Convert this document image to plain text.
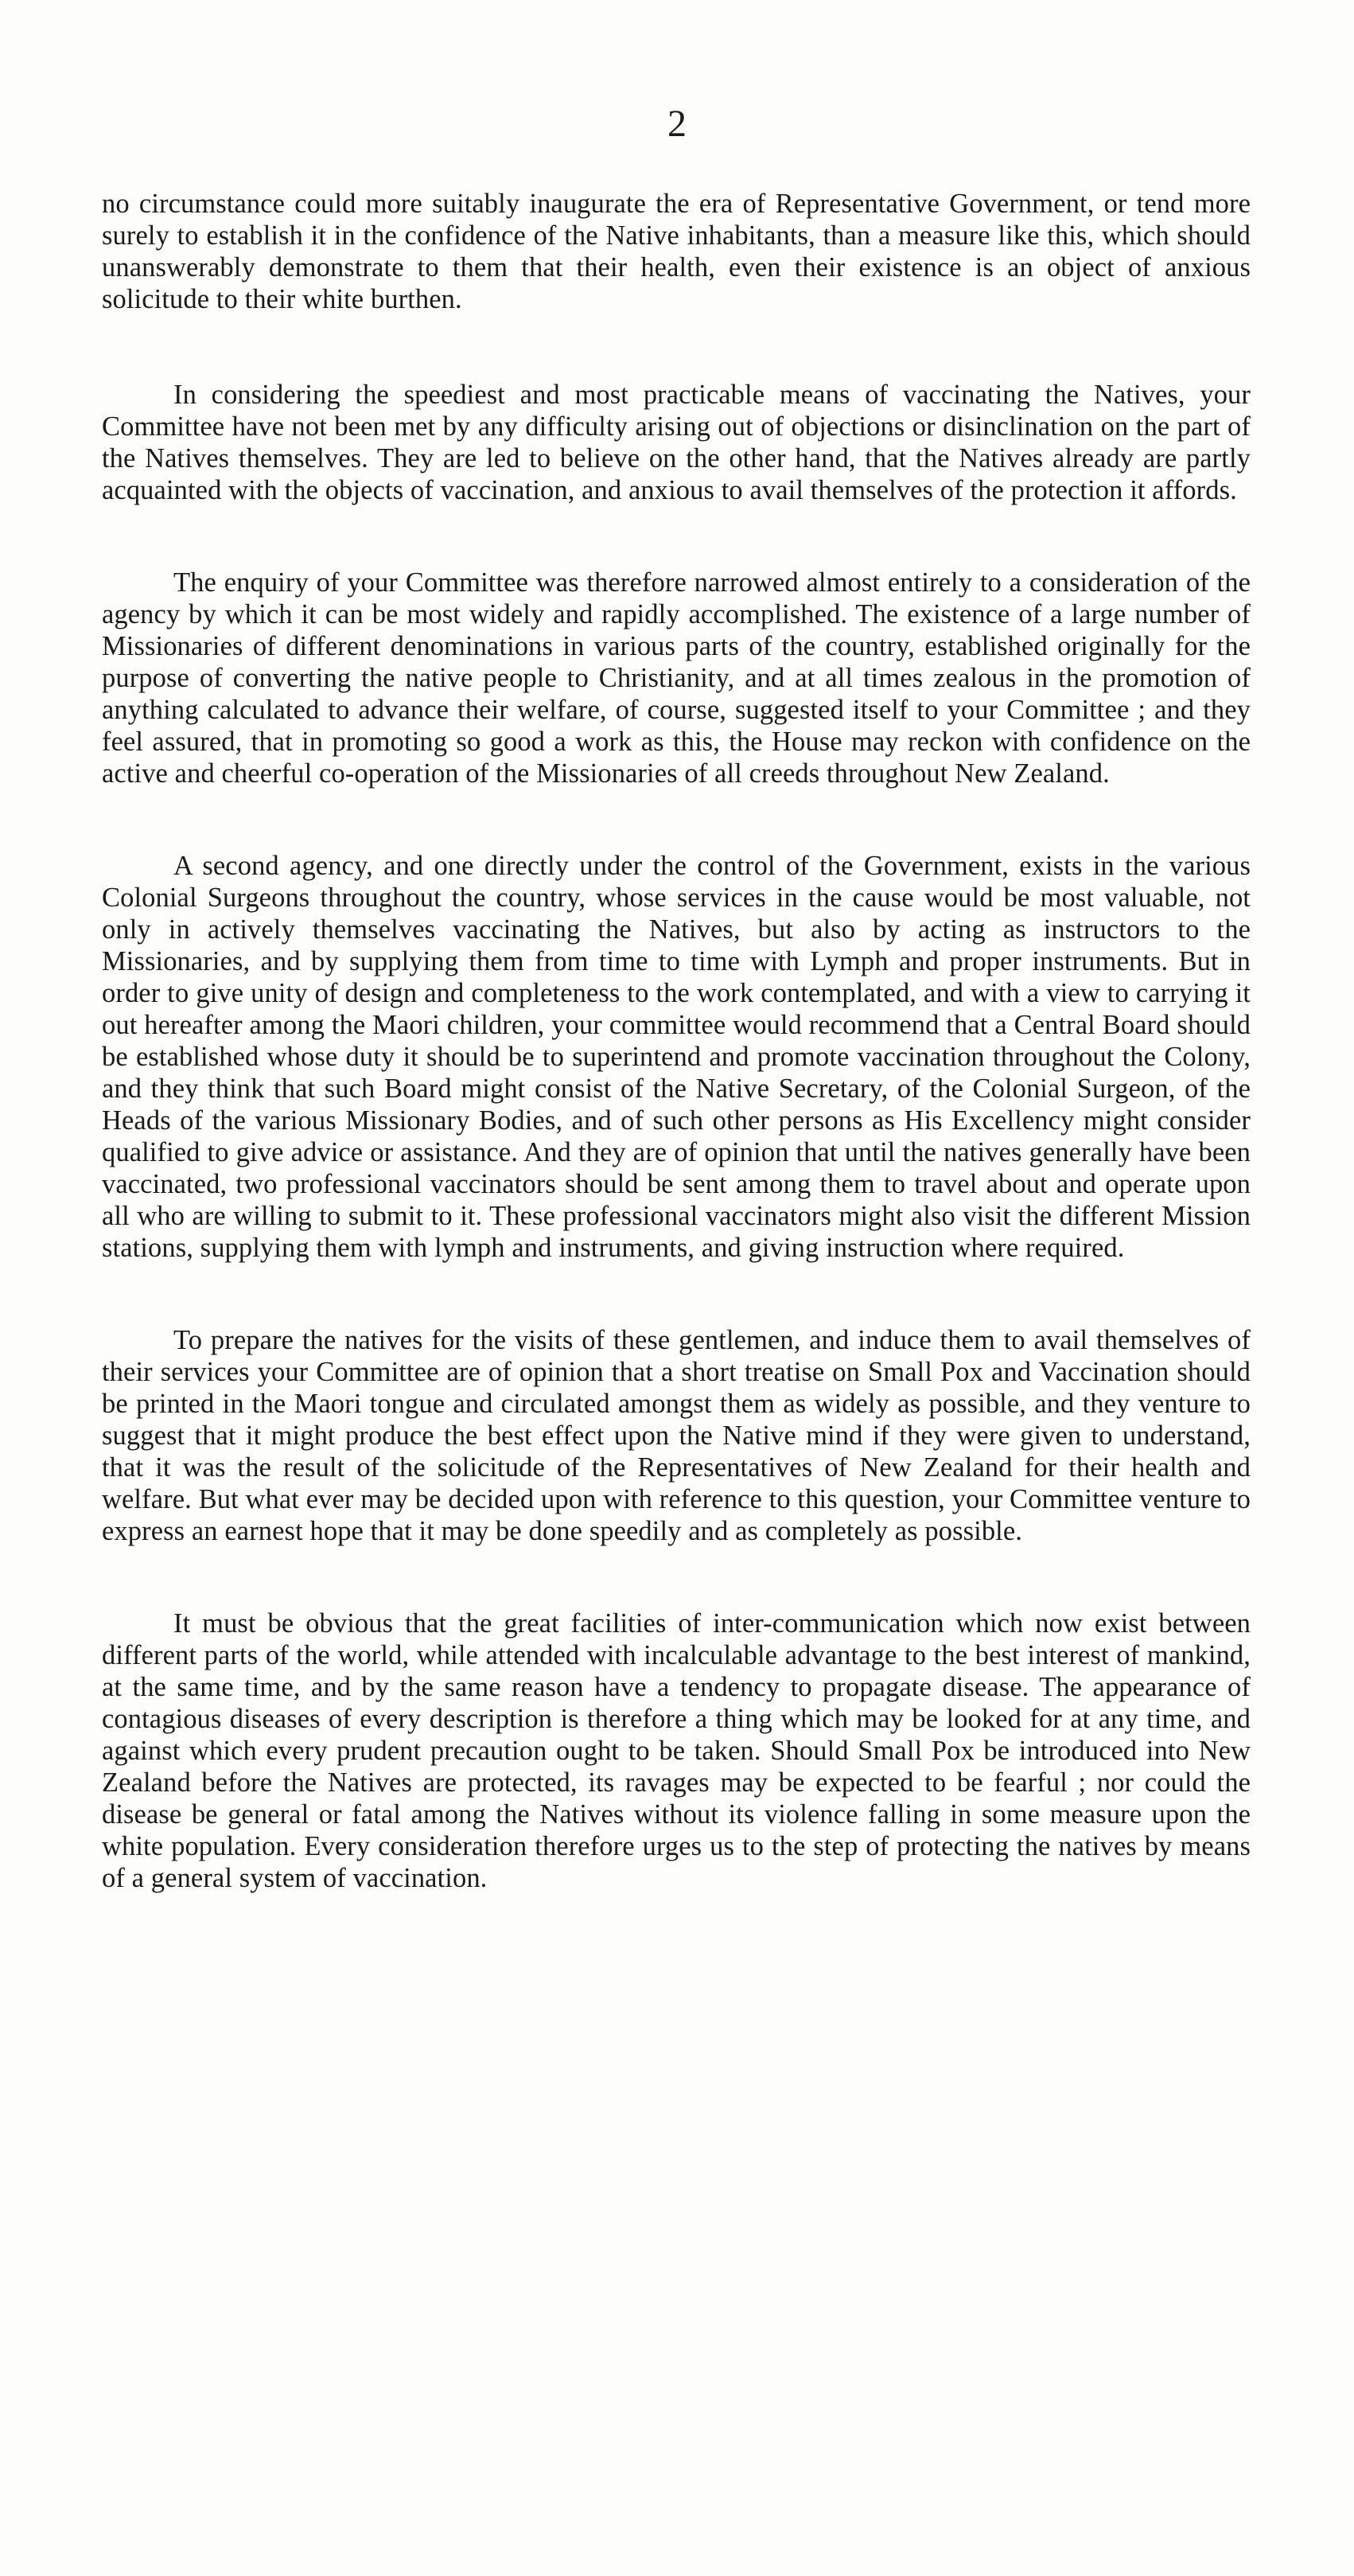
2

no circumstance could more suitably inaugurate the era of Representative Government, or tend more surely to establish it in the confidence of the Native inhabitants, than a measure like this, which should unanswerably demonstrate to them that their health, even their existence is an object of anxious solicitude to their white burthen.

In considering the speediest and most practicable means of vaccinating the Natives, your Committee have not been met by any difficulty arising out of objections or disinclination on the part of the Natives themselves. They are led to believe on the other hand, that the Natives already are partly acquainted with the objects of vaccination, and anxious to avail themselves of the protection it affords.

The enquiry of your Committee was therefore narrowed almost entirely to a consideration of the agency by which it can be most widely and rapidly accomplished. The existence of a large number of Missionaries of different denominations in various parts of the country, established originally for the purpose of converting the native people to Christianity, and at all times zealous in the promotion of anything calculated to advance their welfare, of course, suggested itself to your Committee ; and they feel assured, that in promoting so good a work as this, the House may reckon with confidence on the active and cheerful co-operation of the Missionaries of all creeds throughout New Zealand.

A second agency, and one directly under the control of the Government, exists in the various Colonial Surgeons throughout the country, whose services in the cause would be most valuable, not only in actively themselves vaccinating the Natives, but also by acting as instructors to the Missionaries, and by supplying them from time to time with Lymph and proper instruments. But in order to give unity of design and completeness to the work contemplated, and with a view to carrying it out hereafter among the Maori children, your committee would recommend that a Central Board should be established whose duty it should be to superintend and promote vaccination throughout the Colony, and they think that such Board might consist of the Native Secretary, of the Colonial Surgeon, of the Heads of the various Missionary Bodies, and of such other persons as His Excellency might consider qualified to give advice or assistance. And they are of opinion that until the natives generally have been vaccinated, two professional vaccinators should be sent among them to travel about and operate upon all who are willing to submit to it. These professional vaccinators might also visit the different Mission stations, supplying them with lymph and instruments, and giving instruction where required.

To prepare the natives for the visits of these gentlemen, and induce them to avail themselves of their services your Committee are of opinion that a short treatise on Small Pox and Vaccination should be printed in the Maori tongue and circulated amongst them as widely as possible, and they venture to suggest that it might produce the best effect upon the Native mind if they were given to understand, that it was the result of the solicitude of the Representatives of New Zealand for their health and welfare. But what ever may be decided upon with reference to this question, your Committee venture to express an earnest hope that it may be done speedily and as completely as possible.

It must be obvious that the great facilities of inter-communication which now exist between different parts of the world, while attended with incalculable advantage to the best interest of mankind, at the same time, and by the same reason have a tendency to propagate disease. The appearance of contagious diseases of every description is therefore a thing which may be looked for at any time, and against which every prudent precaution ought to be taken. Should Small Pox be introduced into New Zealand before the Natives are protected, its ravages may be expected to be fearful ; nor could the disease be general or fatal among the Natives without its violence falling in some measure upon the white population. Every consideration therefore urges us to the step of protecting the natives by means of a general system of vaccination.
